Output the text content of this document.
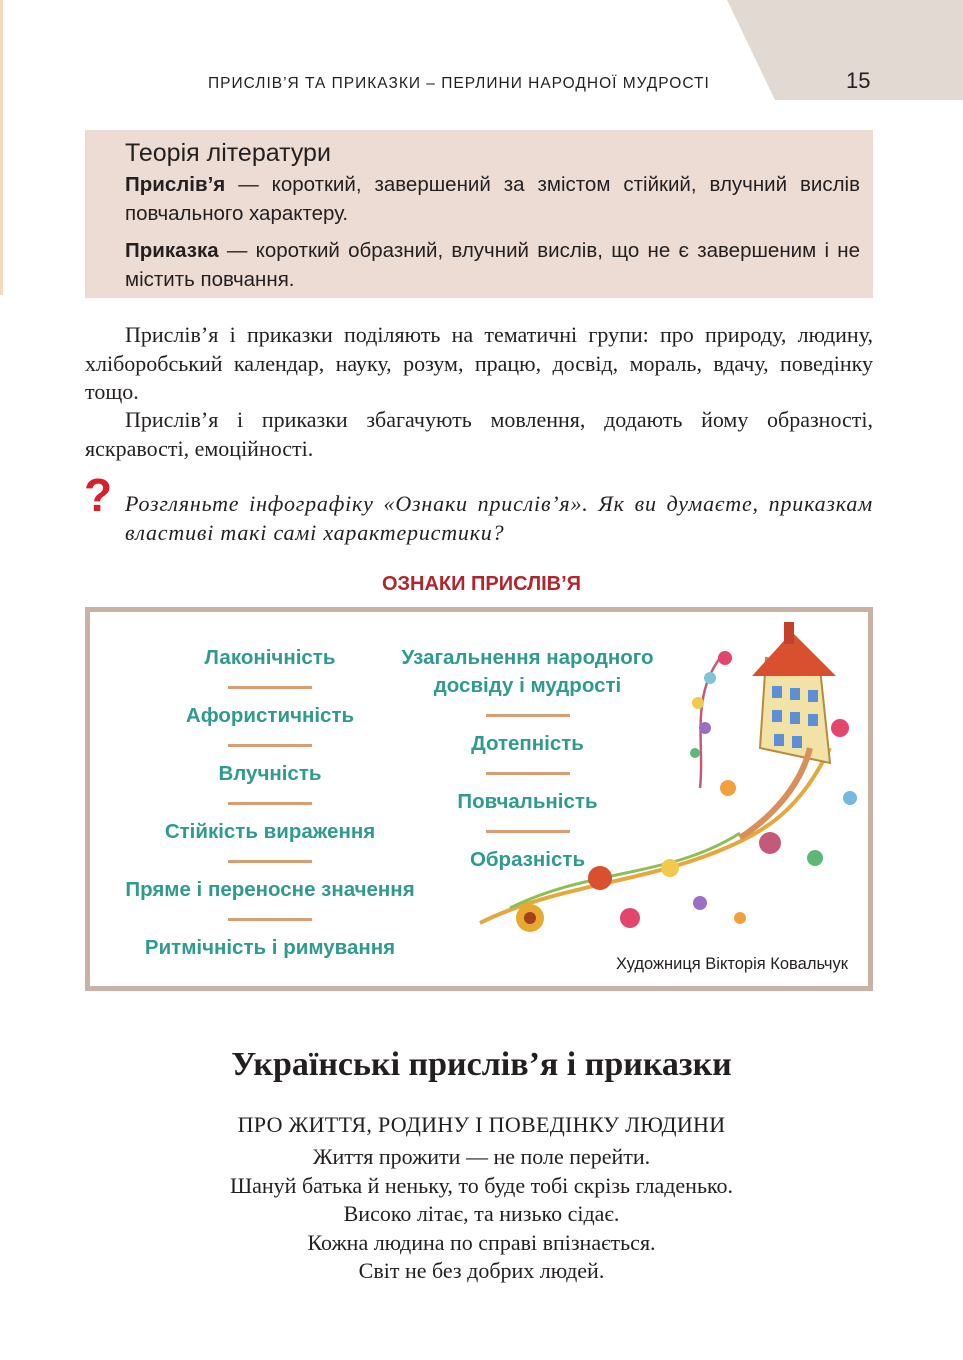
ПРИСЛІВ’Я ТА ПРИКАЗКИ – ПЕРЛИНИ НАРОДНОЇ МУДРОСТІ	15
Теорія літератури

Прислів’я — короткий, завершений за змістом стійкий, влучний вислів повчального характеру.

Приказка — короткий образний, влучний вислів, що не є завершеним і не містить повчання.

Прислів’я і приказки поділяють на тематичні групи: про природу, людину, хліборобський календар, науку, розум, працю, досвід, мораль, вдачу, поведінку тощо.

Прислів’я і приказки збагачують мовлення, додають йому образності, яскравості, емоційності.

? Розгляньте інфографіку «Ознаки прислів’я». Як ви думаєте, приказкам властиві такі самі характеристики?

ОЗНАКИ ПРИСЛІВ’Я
Лаконічність
Афористичність
Влучність
Стійкість вираження
Пряме і переносне значення
Ритмічність і римування
Узагальнення народного досвіду і мудрості
Дотепність
Повчальність
Образність
Художниця Вікторія Ковальчук
Українські прислів’я і приказки
ПРО ЖИТТЯ, РОДИНУ І ПОВЕДІНКУ ЛЮДИНИ
Життя прожити — не поле перейти.
Шануй батька й неньку, то буде тобі скрізь гладенько.
Високо літає, та низько сідає.
Кожна людина по справі впізнається.
Світ не без добрих людей.
